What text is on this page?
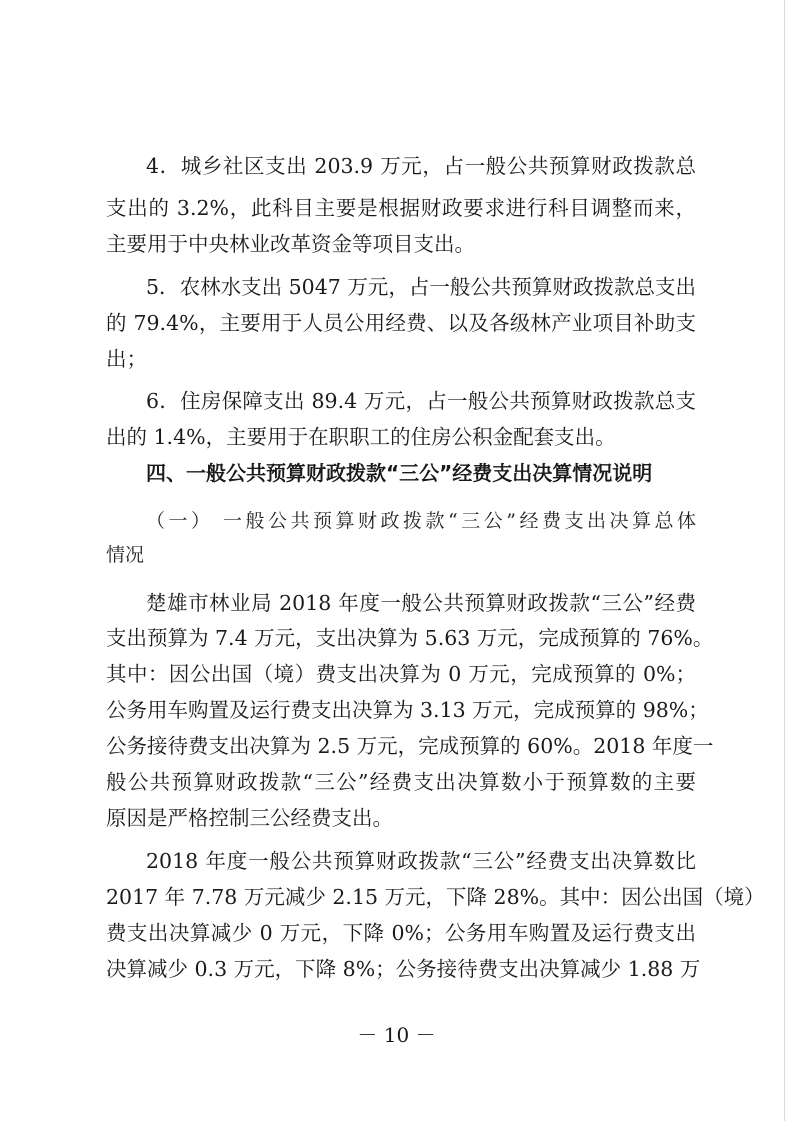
4．城乡社区支出 203.9 万元，占一般公共预算财政拨款总
支出的 3.2%，此科目主要是根据财政要求进行科目调整而来，
主要用于中央林业改革资金等项目支出。
5．农林水支出 5047 万元，占一般公共预算财政拨款总支出
的 79.4%，主要用于人员公用经费、以及各级林产业项目补助支
出；
6．住房保障支出 89.4 万元，占一般公共预算财政拨款总支
出的 1.4%，主要用于在职职工的住房公积金配套支出。
四、一般公共预算财政拨款“三公”经费支出决算情况说明
（一） 一般公共预算财政拨款“三公”经费支出决算总体
情况
楚雄市林业局 2018 年度一般公共预算财政拨款“三公”经费
支出预算为 7.4 万元，支出决算为 5.63 万元，完成预算的 76%。
其中：因公出国（境）费支出决算为 0 万元，完成预算的 0%；
公务用车购置及运行费支出决算为 3.13 万元，完成预算的 98%；
公务接待费支出决算为 2.5 万元，完成预算的 60%。2018 年度一
般公共预算财政拨款“三公”经费支出决算数小于预算数的主要
原因是严格控制三公经费支出。
2018 年度一般公共预算财政拨款“三公”经费支出决算数比
2017 年 7.78 万元减少 2.15 万元，下降 28%。其中：因公出国（境）
费支出决算减少 0 万元，下降 0%；公务用车购置及运行费支出
决算减少 0.3 万元，下降 8%；公务接待费支出决算减少 1.88 万
－ 10 －
